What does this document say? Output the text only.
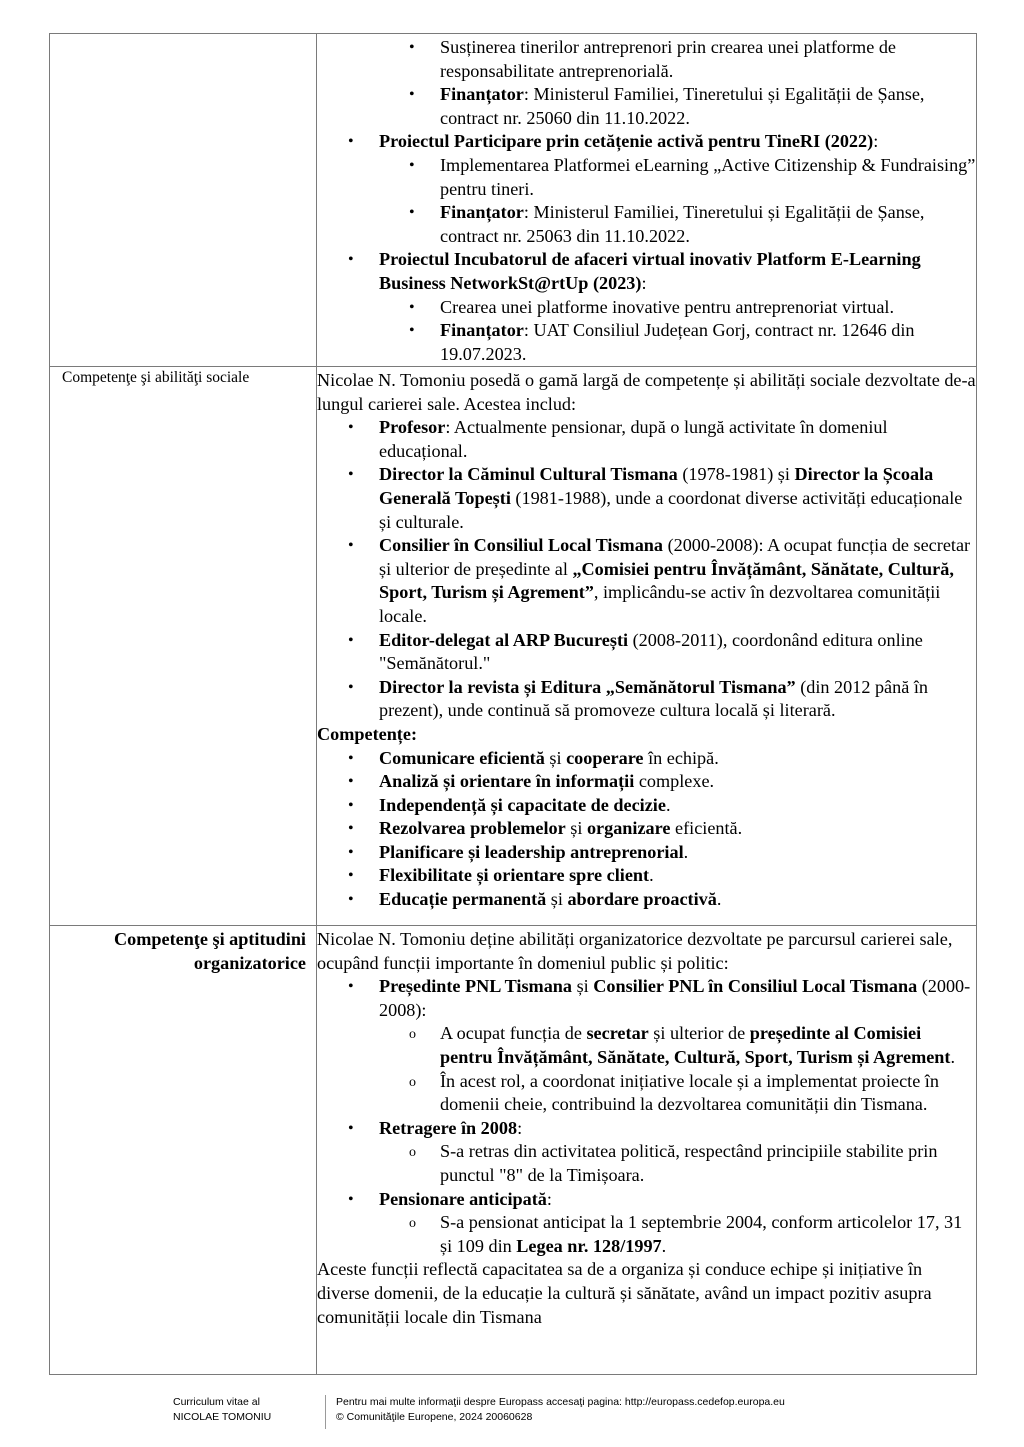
• Susținerea tinerilor antreprenori prin crearea unei platforme de responsabilitate antreprenorială.
• Finanțator: Ministerul Familiei, Tineretului și Egalității de Șanse, contract nr. 25060 din 11.10.2022.
• Proiectul Participare prin cetățenie activă pentru TineRI (2022):
• Implementarea Platformei eLearning „Active Citizenship & Fundraising” pentru tineri.
• Finanțator: Ministerul Familiei, Tineretului și Egalității de Șanse, contract nr. 25063 din 11.10.2022.
• Proiectul Incubatorul de afaceri virtual inovativ Platform E-Learning Business NetworkSt@rtUp (2023):
• Crearea unei platforme inovative pentru antreprenoriat virtual.
• Finanțator: UAT Consiliul Județean Gorj, contract nr. 12646 din 19.07.2023.
Competenţe şi abilităţi sociale	Nicolae N. Tomoniu posedă o gamă largă de competențe și abilități sociale dezvoltate de-a lungul carierei sale. Acestea includ:
• Profesor: Actualmente pensionar, după o lungă activitate în domeniul educațional.
• Director la Căminul Cultural Tismana (1978-1981) și Director la Școala Generală Topești (1981-1988), unde a coordonat diverse activități educaționale și culturale.
• Consilier în Consiliul Local Tismana (2000-2008): A ocupat funcția de secretar și ulterior de președinte al „Comisiei pentru Învățământ, Sănătate, Cultură, Sport, Turism și Agrement”, implicându-se activ în dezvoltarea comunității locale.
• Editor-delegat al ARP București (2008-2011), coordonând editura online "Semănătorul."
• Director la revista și Editura „Semănătorul Tismana” (din 2012 până în prezent), unde continuă să promoveze cultura locală și literară.
Competențe:
• Comunicare eficientă și cooperare în echipă.
• Analiză și orientare în informații complexe.
• Independență și capacitate de decizie.
• Rezolvarea problemelor și organizare eficientă.
• Planificare și leadership antreprenorial.
• Flexibilitate și orientare spre client.
• Educație permanentă și abordare proactivă.
Competenţe şi aptitudini organizatorice
Nicolae N. Tomoniu deține abilități organizatorice dezvoltate pe parcursul carierei sale, ocupând funcții importante în domeniul public și politic:
• Președinte PNL Tismana și Consilier PNL în Consiliul Local Tismana (2000-2008):
o A ocupat funcția de secretar și ulterior de președinte al Comisiei pentru Învățământ, Sănătate, Cultură, Sport, Turism și Agrement.
o În acest rol, a coordonat inițiative locale și a implementat proiecte în domenii cheie, contribuind la dezvoltarea comunității din Tismana.
• Retragere în 2008:
o S-a retras din activitatea politică, respectând principiile stabilite prin punctul "8" de la Timișoara.
• Pensionare anticipată:
o S-a pensionat anticipat la 1 septembrie 2004, conform articolelor 17, 31 și 109 din Legea nr. 128/1997.
Aceste funcții reflectă capacitatea sa de a organiza și conduce echipe și inițiative în diverse domenii, de la educație la cultură și sănătate, având un impact pozitiv asupra comunității locale din Tismana
Curriculum vitae al
NICOLAE TOMONIU
Pentru mai multe informaţii despre Europass accesaţi pagina: http://europass.cedefop.europa.eu
© Comunităţile Europene, 2024 20060628
